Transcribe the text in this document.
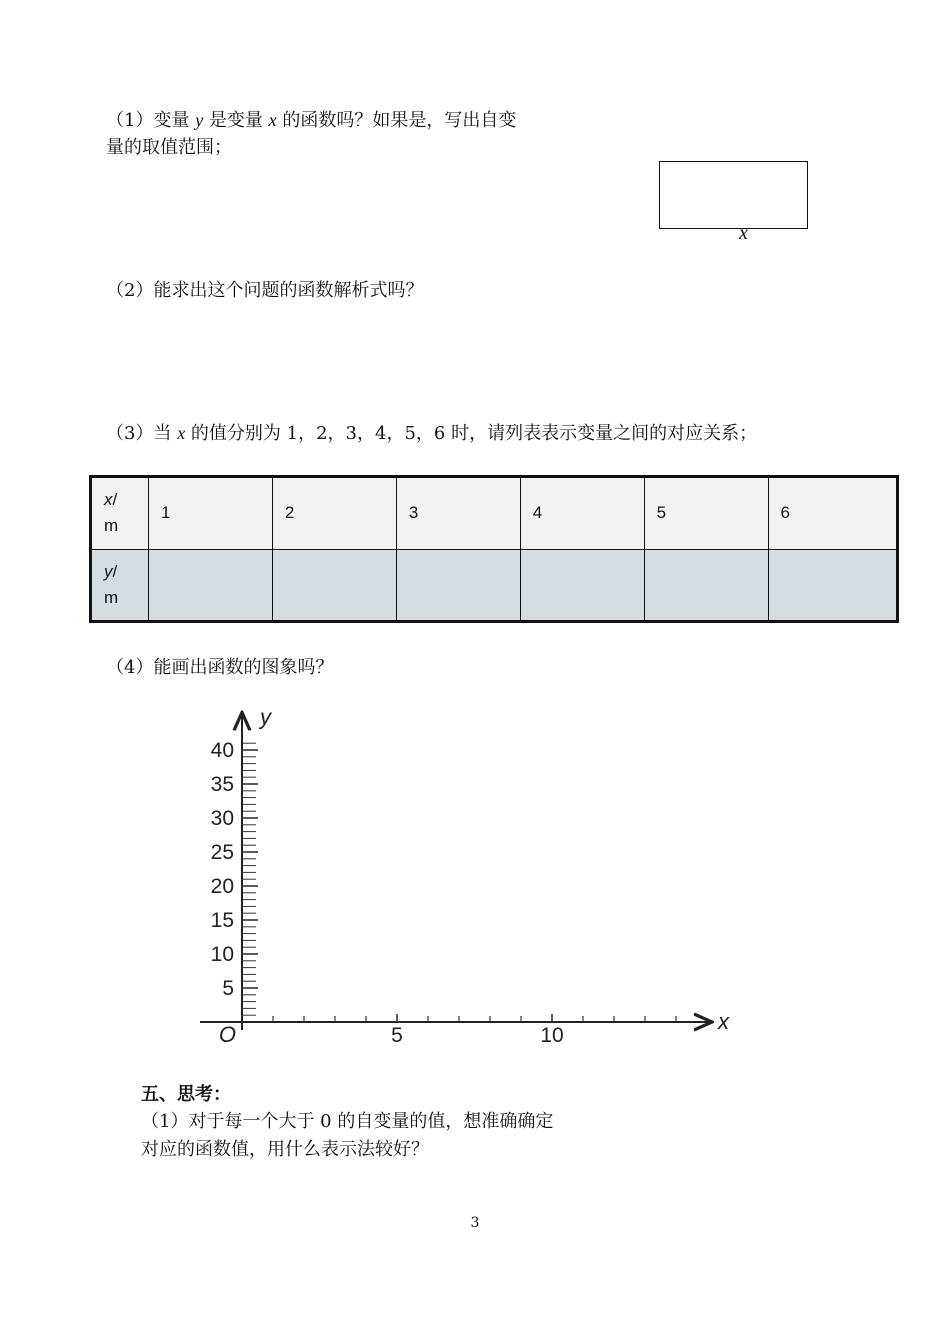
（1）变量 y 是变量 x 的函数吗？如果是，写出自变
量的取值范围；
x
（2）能求出这个问题的函数解析式吗？
（3）当 x 的值分别为 1，2，3，4，5，6 时，请列表表示变量之间的对应关系；
x/
m	1	2	3	4	5	6
y/
m						
（4）能画出函数的图象吗？
5
10
15
20
25
30
35
40
5	10
O
y
x
五、思考：
（1）对于每一个大于 0 的自变量的值，想准确确定
对应的函数值，用什么表示法较好？
3
